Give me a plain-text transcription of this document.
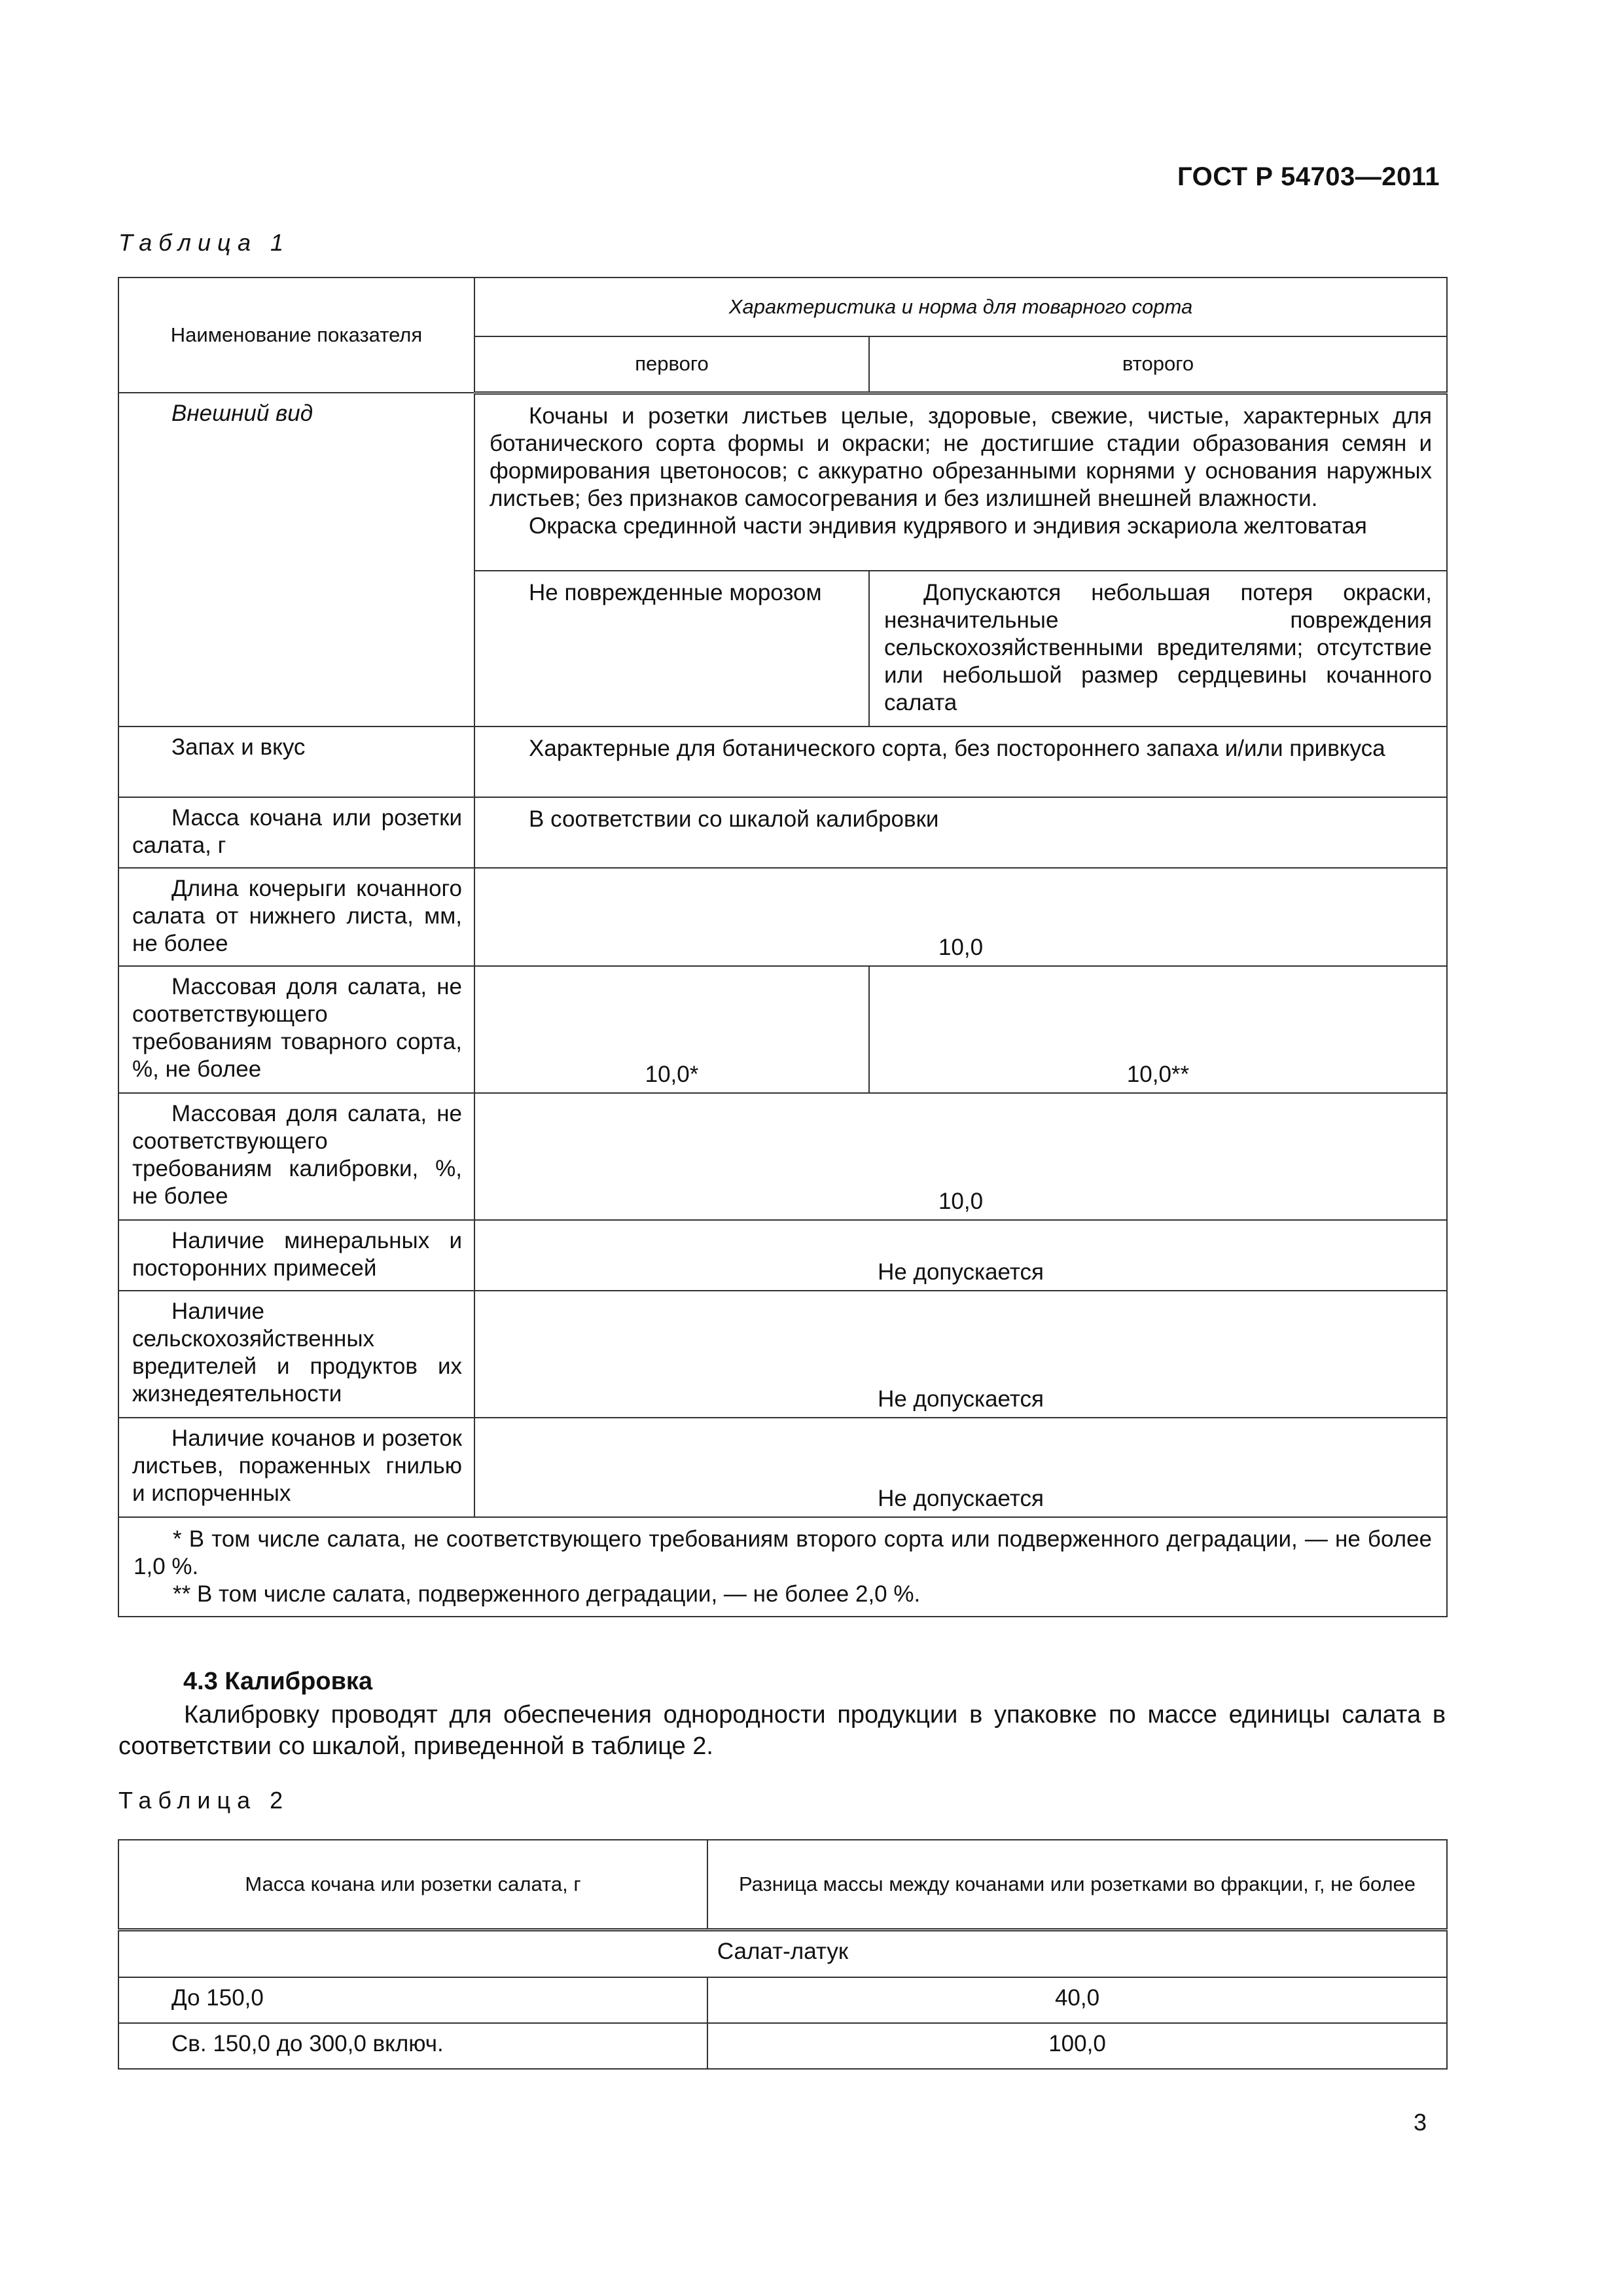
ГОСТ Р 54703—2011
Таблица 1
Наименование показателя	Характеристика и норма для товарного сорта	
	первого	второго
Внешний вид	Кочаны и розетки листьев целые, здоровые, свежие, чистые, характерных для ботанического сорта формы и окраски; не достигшие стадии образования семян и формирования цветоносов; с аккуратно обрезанными корнями у основания наружных листьев; без признаков самосогревания и без излишней внешней влажности.
Окраска срединной части эндивия кудрявого и эндивия эскариола желтоватая	

	Не поврежденные морозом	Допускаются небольшая потеря окраски, незначительные повреждения сельскохозяйственными вредителями; отсутствие или небольшой размер сердцевины кочанного салата
Запах и вкус	Характерные для ботанического сорта, без постороннего запаха и/или привкуса	
Масса кочана или розетки салата, г	В соответствии со шкалой калибровки	
Длина кочерыги кочанного салата от нижнего листа, мм, не более	10,0	
Массовая доля салата, не соответствующего требованиям товарного сорта, %, не более	10,0*	10,0**
Массовая доля салата, не соответствующего требованиям калибровки, %, не более	10,0	
Наличие минеральных и посторонних примесей	Не допускается	
Наличие сельскохозяйственных вредителей и продуктов их жизнедеятельности	Не допускается	
Наличие кочанов и розеток листьев, пораженных гнилью и испорченных	Не допускается	

* В том числе салата, не соответствующего требованиям второго сорта или подверженного деградации, — не более 1,0 %.
** В том числе салата, подверженного деградации, — не более 2,0 %.		
4.3 Калибровка
Калибровку проводят для обеспечения однородности продукции в упаковке по массе единицы салата в соответствии со шкалой, приведенной в таблице 2.
Таблица 2
Масса кочана или розетки салата, г	Разница массы между кочанами или розетками во фракции, г, не более
Салат-латук	
До 150,0	40,0
Св. 150,0 до 300,0 включ.	100,0
3
